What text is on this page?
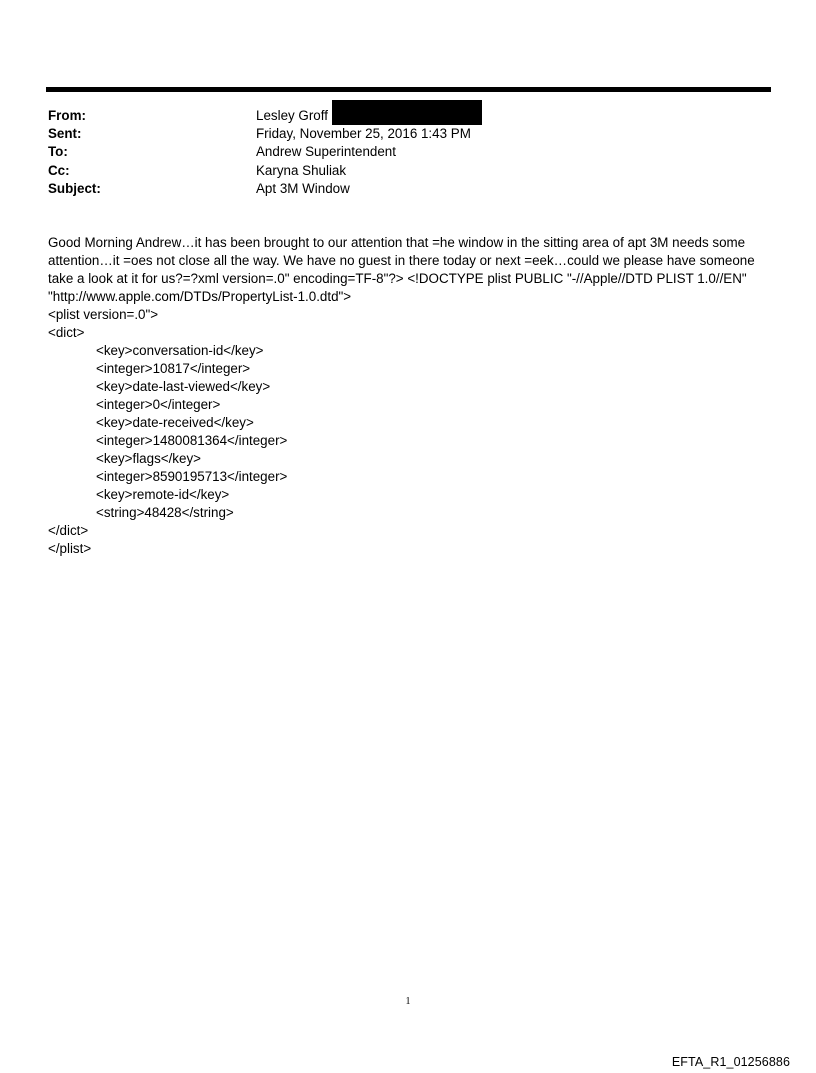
From:	Lesley Groff
Sent:	Friday, November 25, 2016 1:43 PM
To:	Andrew Superintendent
Cc:	Karyna Shuliak
Subject:	Apt 3M Window

Good Morning Andrew…it has been brought to our attention that =he window in the sitting area of apt 3M needs some attention…it =oes not close all the way. We have no guest in there today or next =eek…could we please have someone take a look at it for us?=?xml version=.0" encoding=TF-8"?> <!DOCTYPE plist PUBLIC "-//Apple//DTD PLIST 1.0//EN" "http://www.apple.com/DTDs/PropertyList-1.0.dtd">

<plist version=.0">
<dict>
<key>conversation-id</key>
<integer>10817</integer>
<key>date-last-viewed</key>
<integer>0</integer>
<key>date-received</key>
<integer>1480081364</integer>
<key>flags</key>
<integer>8590195713</integer>
<key>remote-id</key>
<string>48428</string>
</dict>
</plist>
1
EFTA_R1_01256886
